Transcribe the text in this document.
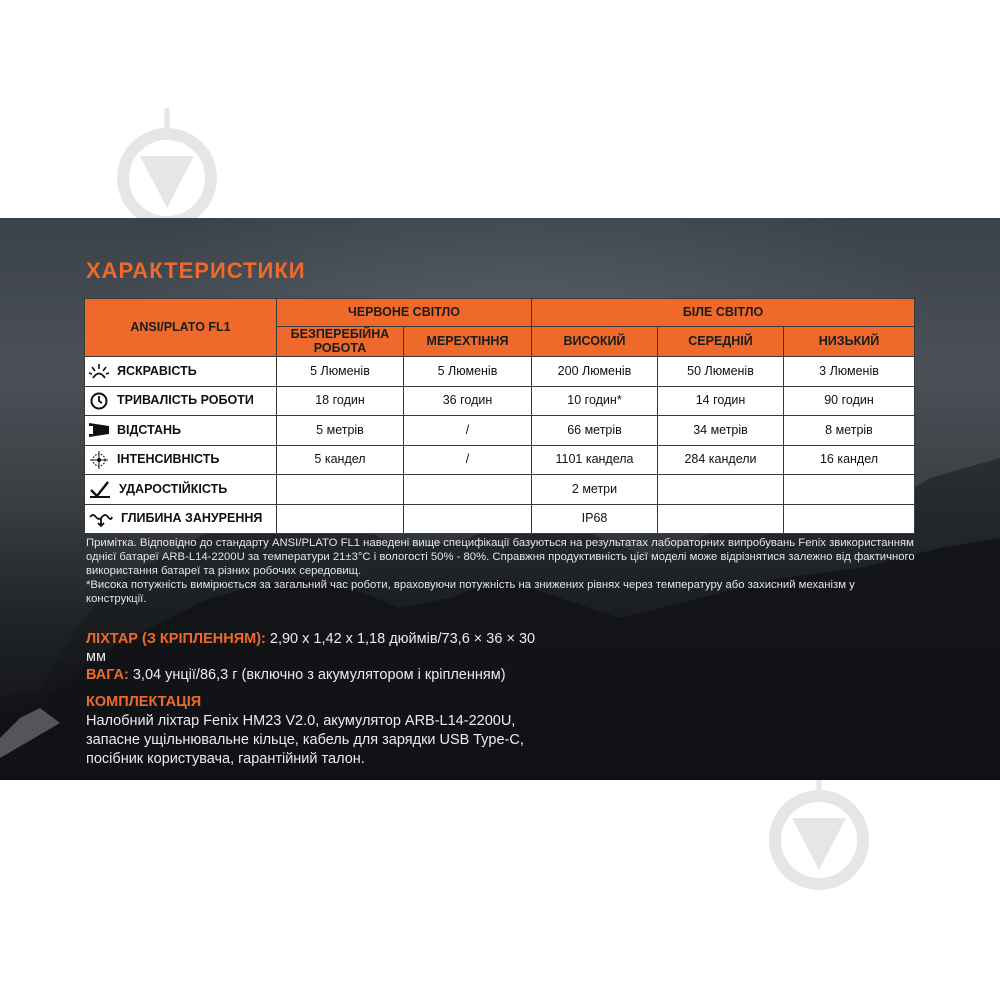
ХАРАКТЕРИСТИКИ
ANSI/PLATO FL1	ЧЕРВОНЕ СВІТЛО		БІЛЕ СВІТЛО		
	БЕЗПЕРЕБІЙНА РОБОТА	МЕРЕХТІННЯ	ВИСОКИЙ	СЕРЕДНІЙ	НИЗЬКИЙ

ЯСКРАВІСТЬ	5 Люменів	5 Люменів	200 Люменів	50 Люменів	3 Люменів

ТРИВАЛІСТЬ РОБОТИ	18 годин	36 годин	10 годин*	14 годин	90 годин

ВІДСТАНЬ	5 метрів	/	66 метрів	34 метрів	8 метрів

ІНТЕНСИВНІСТЬ	5 кандел	/	1101 кандела	284 кандели	16 кандел

УДАРОСТІЙКІСТЬ			2 метри		

ГЛИБИНА ЗАНУРЕННЯ			IP68		

Примітка. Відповідно до стандарту ANSI/PLATO FL1 наведені вище специфікації базуються на результатах лабораторних випробувань Fenix звикористанням однієї батареї ARB-L14-2200U за температури 21±3°C і вологості 50% - 80%. Справжня продуктивність цієї моделі може відрізнятися залежно від фактичного використання батареї та різних робочих середовищ.

*Висока потужність вимірюється за загальний час роботи, враховуючи потужність на знижених рівнях через температуру або захисний механізм у конструкції.

ЛІХТАР (З КРІПЛЕННЯМ): 2,90 x 1,42 x 1,18 дюймів/73,6 × 36 × 30 мм
ВАГА: 3,04 унції/86,3 г (включно з акумулятором і кріпленням)
КОМПЛЕКТАЦІЯ
Налобний ліхтар Fenix HM23 V2.0, акумулятор ARB-L14-2200U, запасне ущільнювальне кільце, кабель для зарядки USB Type-C, посібник користувача, гарантійний талон.
